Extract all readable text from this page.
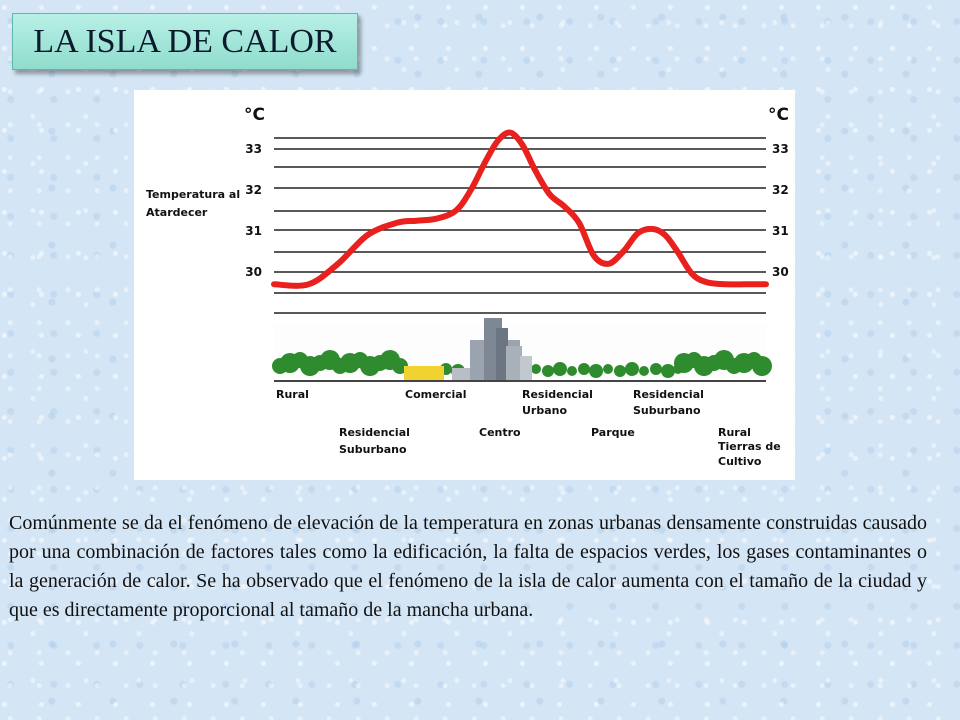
LA ISLA DE CALOR
°C	°C
30	30
31	31
32	32
33	33
Temperatura al
Atardecer
Rural	Comercial	Residencial
Urbano
Residencial
Suburbano
Residencial
Suburbano
Centro	Parque	Rural
Tierras de
Cultivo

Comúnmente se da el fenómeno de elevación de la temperatura en zonas urbanas densamente construidas causado por una combinación de factores tales como la edificación, la falta de espacios verdes, los gases contaminantes o la generación de calor. Se ha observado que el fenómeno de la isla de calor aumenta con el tamaño de la ciudad y que es directamente proporcional al tamaño de la mancha urbana.
